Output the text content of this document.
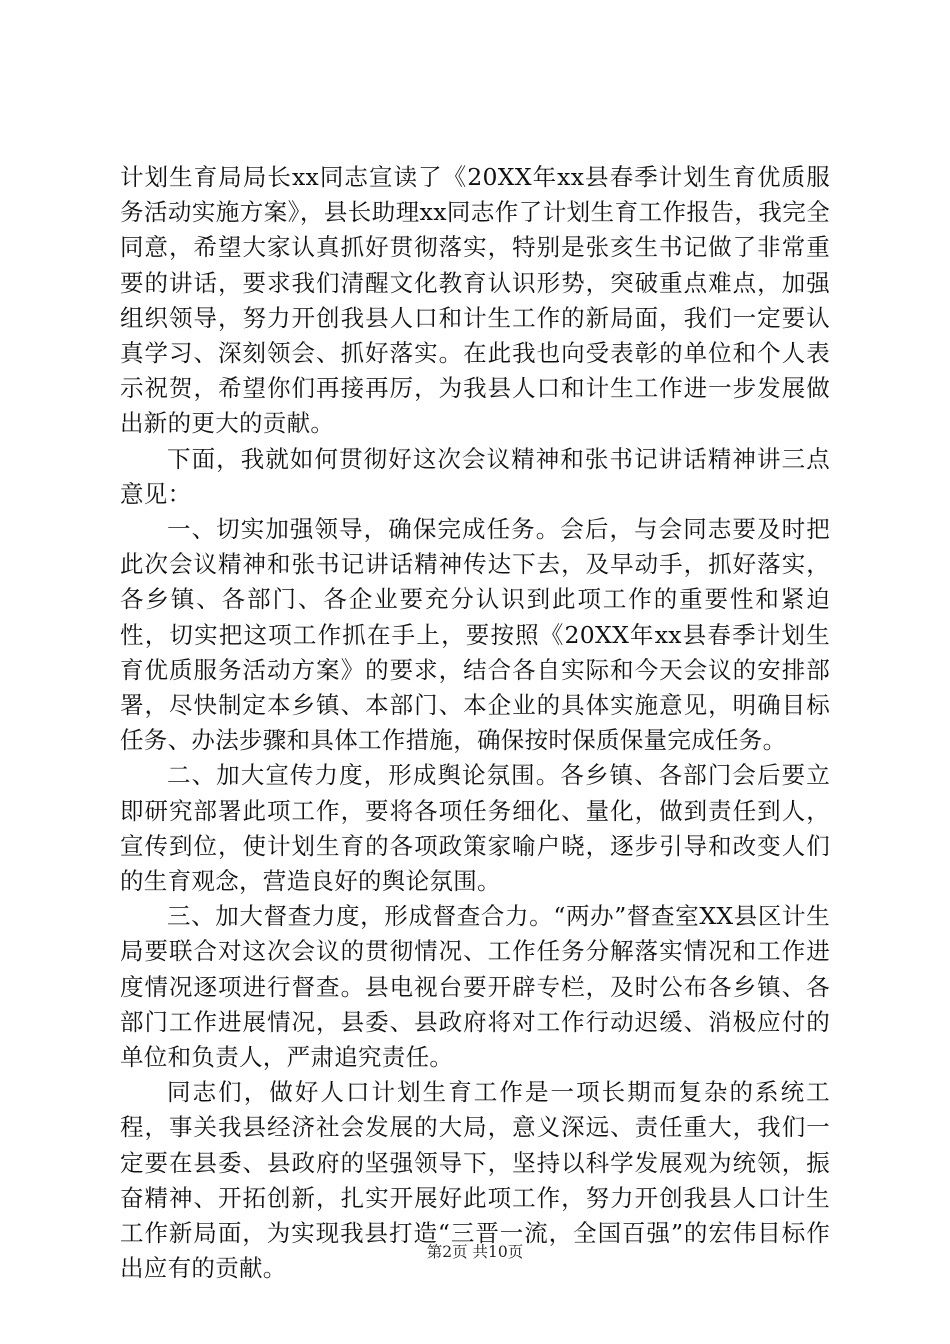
计划生育局局长xx同志宣读了《20XX年xx县春季计划生育优质服务活动实施方案》，县长助理xx同志作了计划生育工作报告，我完全同意，希望大家认真抓好贯彻落实，特别是张亥生书记做了非常重要的讲话，要求我们清醒文化教育认识形势，突破重点难点，加强组织领导，努力开创我县人口和计生工作的新局面，我们一定要认真学习、深刻领会、抓好落实。在此我也向受表彰的单位和个人表示祝贺，希望你们再接再厉，为我县人口和计生工作进一步发展做出新的更大的贡献。

下面，我就如何贯彻好这次会议精神和张书记讲话精神讲三点意见：

一、切实加强领导，确保完成任务。会后，与会同志要及时把此次会议精神和张书记讲话精神传达下去，及早动手，抓好落实，各乡镇、各部门、各企业要充分认识到此项工作的重要性和紧迫性，切实把这项工作抓在手上，要按照《20XX年xx县春季计划生育优质服务活动方案》的要求，结合各自实际和今天会议的安排部署，尽快制定本乡镇、本部门、本企业的具体实施意见，明确目标任务、办法步骤和具体工作措施，确保按时保质保量完成任务。

二、加大宣传力度，形成舆论氛围。各乡镇、各部门会后要立即研究部署此项工作，要将各项任务细化、量化，做到责任到人，宣传到位，使计划生育的各项政策家喻户晓，逐步引导和改变人们的生育观念，营造良好的舆论氛围。

三、加大督查力度，形成督查合力。“两办”督查室XX县区计生局要联合对这次会议的贯彻情况、工作任务分解落实情况和工作进度情况逐项进行督查。县电视台要开辟专栏，及时公布各乡镇、各部门工作进展情况，县委、县政府将对工作行动迟缓、消极应付的单位和负责人，严肃追究责任。

同志们，做好人口计划生育工作是一项长期而复杂的系统工程，事关我县经济社会发展的大局，意义深远、责任重大，我们一定要在县委、县政府的坚强领导下，坚持以科学发展观为统领，振奋精神、开拓创新，扎实开展好此项工作，努力开创我县人口计生工作新局面，为实现我县打造“三晋一流，全国百强”的宏伟目标作出应有的贡献。

第2页 共10页
